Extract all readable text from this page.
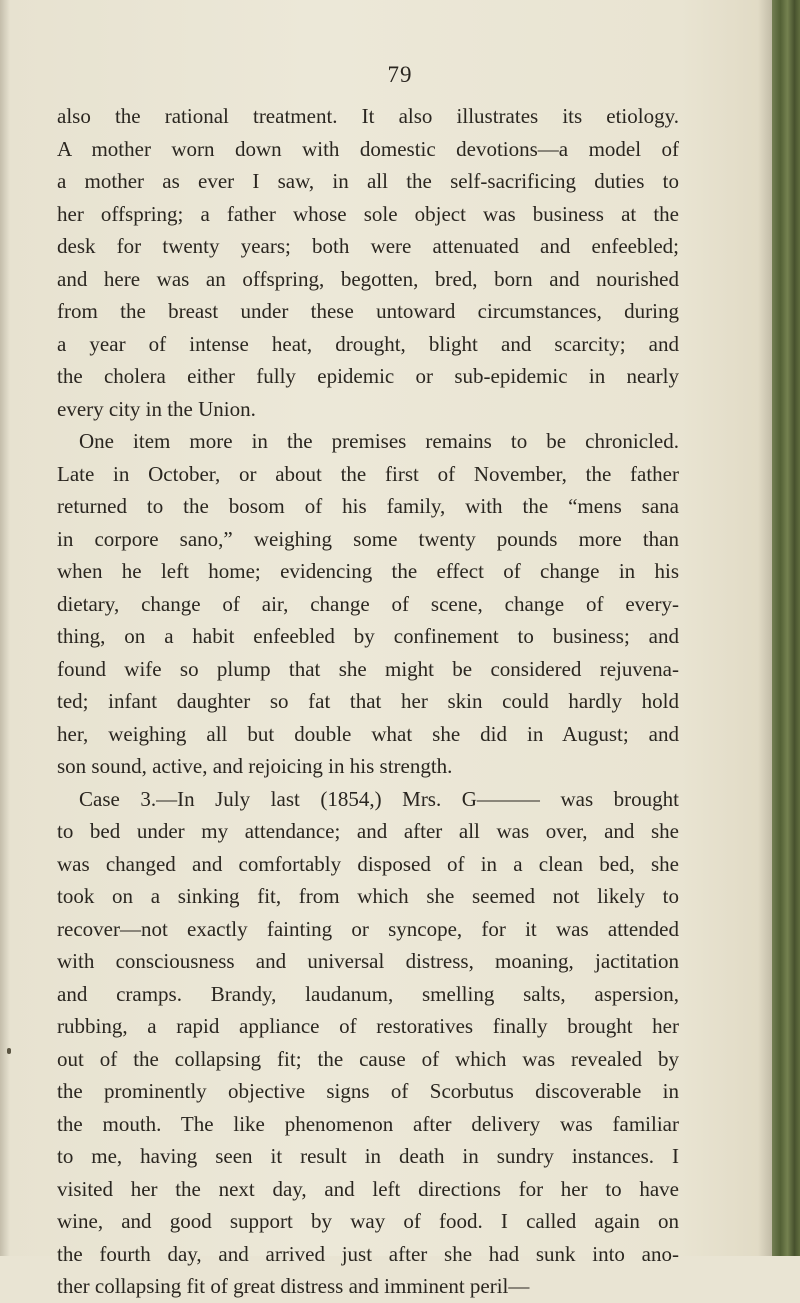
79
also the rational treatment. It also illustrates its etiology.
A mother worn down with domestic devotions—a model of
a mother as ever I saw, in all the self-sacrificing duties to
her offspring; a father whose sole object was business at the
desk for twenty years; both were attenuated and enfeebled;
and here was an offspring, begotten, bred, born and nourished
from the breast under these untoward circumstances, during
a year of intense heat, drought, blight and scarcity; and
the cholera either fully epidemic or sub-epidemic in nearly
every city in the Union.
One item more in the premises remains to be chronicled.
Late in October, or about the first of November, the father
returned to the bosom of his family, with the “mens sana
in corpore sano,” weighing some twenty pounds more than
when he left home; evidencing the effect of change in his
dietary, change of air, change of scene, change of every-
thing, on a habit enfeebled by confinement to business; and
found wife so plump that she might be considered rejuvena-
ted; infant daughter so fat that her skin could hardly hold
her, weighing all but double what she did in August; and
son sound, active, and rejoicing in his strength.
Case 3.—In July last (1854,) Mrs. G——— was brought
to bed under my attendance; and after all was over, and she
was changed and comfortably disposed of in a clean bed, she
took on a sinking fit, from which she seemed not likely to
recover—not exactly fainting or syncope, for it was attended
with consciousness and universal distress, moaning, jactitation
and cramps. Brandy, laudanum, smelling salts, aspersion,
rubbing, a rapid appliance of restoratives finally brought her
out of the collapsing fit; the cause of which was revealed by
the prominently objective signs of Scorbutus discoverable in
the mouth. The like phenomenon after delivery was familiar
to me, having seen it result in death in sundry instances. I
visited her the next day, and left directions for her to have
wine, and good support by way of food. I called again on
the fourth day, and arrived just after she had sunk into ano-
ther collapsing fit of great distress and imminent peril—
